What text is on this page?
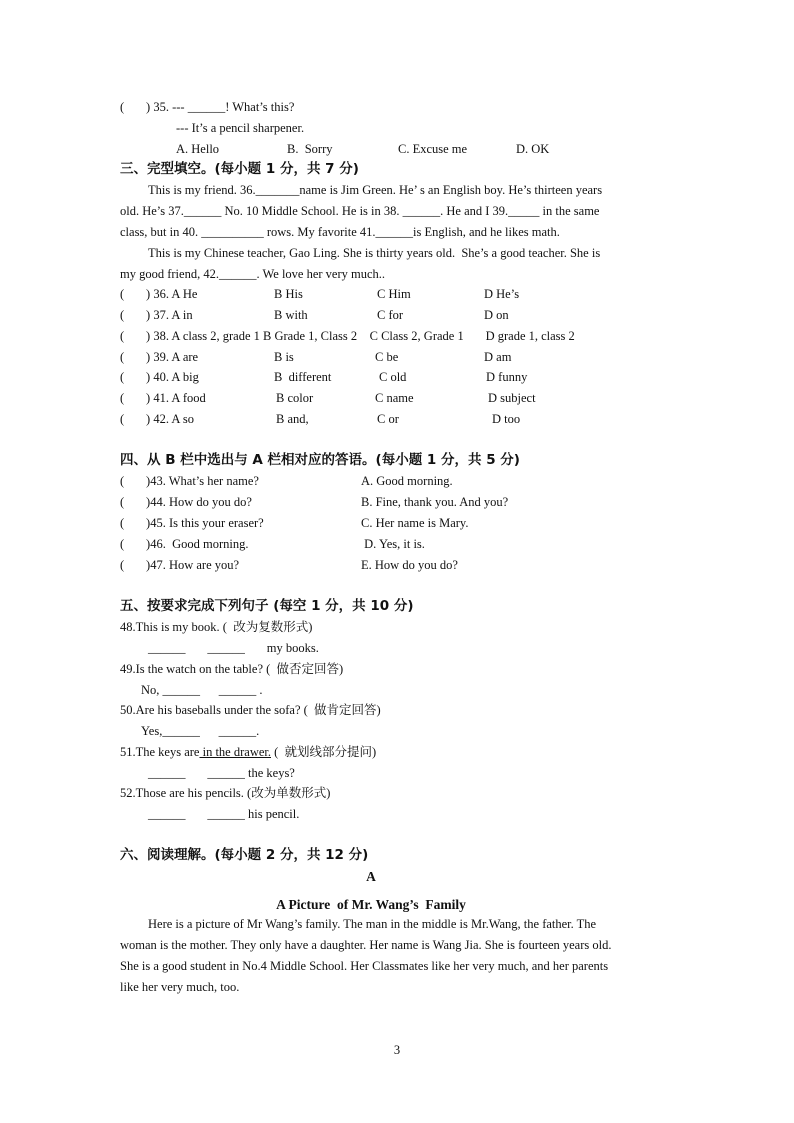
(       ) 35. --- ______! What’s this?
--- It’s a pencil sharpener.
A. Hello	B.  Sorry	C. Excuse me	D. OK
三、完型填空。(每小题 1 分，共 7 分)
This is my friend. 36._______name is Jim Green. He’ s an English boy. He’s thirteen years
old. He’s 37.______ No. 10 Middle School. He is in 38. ______. He and I 39._____ in the same
class, but in 40. __________ rows. My favorite 41.______is English, and he likes math.
This is my Chinese teacher, Gao Ling. She is thirty years old.  She’s a good teacher. She is
my good friend, 42.______. We love her very much..
(       ) 36. A He	B His	C Him	D He’s
(       ) 37. A in	B with	C for	D on
(       ) 38. A class 2, grade 1 B Grade 1, Class 2    C Class 2, Grade 1       D grade 1, class 2
(       ) 39. A are	B is	C be	D am
(       ) 40. A big	B  different	C old	D funny
(       ) 41. A food	B color	C name	D subject
(       ) 42. A so	B and,	C or	D too
四、从 B 栏中选出与 A 栏相对应的答语。(每小题 1 分，共 5 分)
(       )43. What’s her name?	A. Good morning.
(       )44. How do you do?	B. Fine, thank you. And you?
(       )45. Is this your eraser?	C. Her name is Mary.
(       )46.  Good morning.	D. Yes, it is.
(       )47. How are you?	E. How do you do?
五、按要求完成下列句子 (每空 1 分，共 10 分)
48.This is my book. (  改为复数形式)
______       ______       my books.
49.Is the watch on the table? (  做否定回答)
No, ______      ______ .
50.Are his baseballs under the sofa? (  做肯定回答)
Yes,______      ______.
51.The keys are in the drawer. (  就划线部分提问)
______       ______ the keys?
52.Those are his pencils. (改为单数形式)
______       ______ his pencil.
六、阅读理解。(每小题 2 分，共 12 分)
A
A Picture  of Mr. Wang’s  Family
Here is a picture of Mr Wang’s family. The man in the middle is Mr.Wang, the father. The
woman is the mother. They only have a daughter. Her name is Wang Jia. She is fourteen years old.
She is a good student in No.4 Middle School. Her Classmates like her very much, and her parents
like her very much, too.
3
